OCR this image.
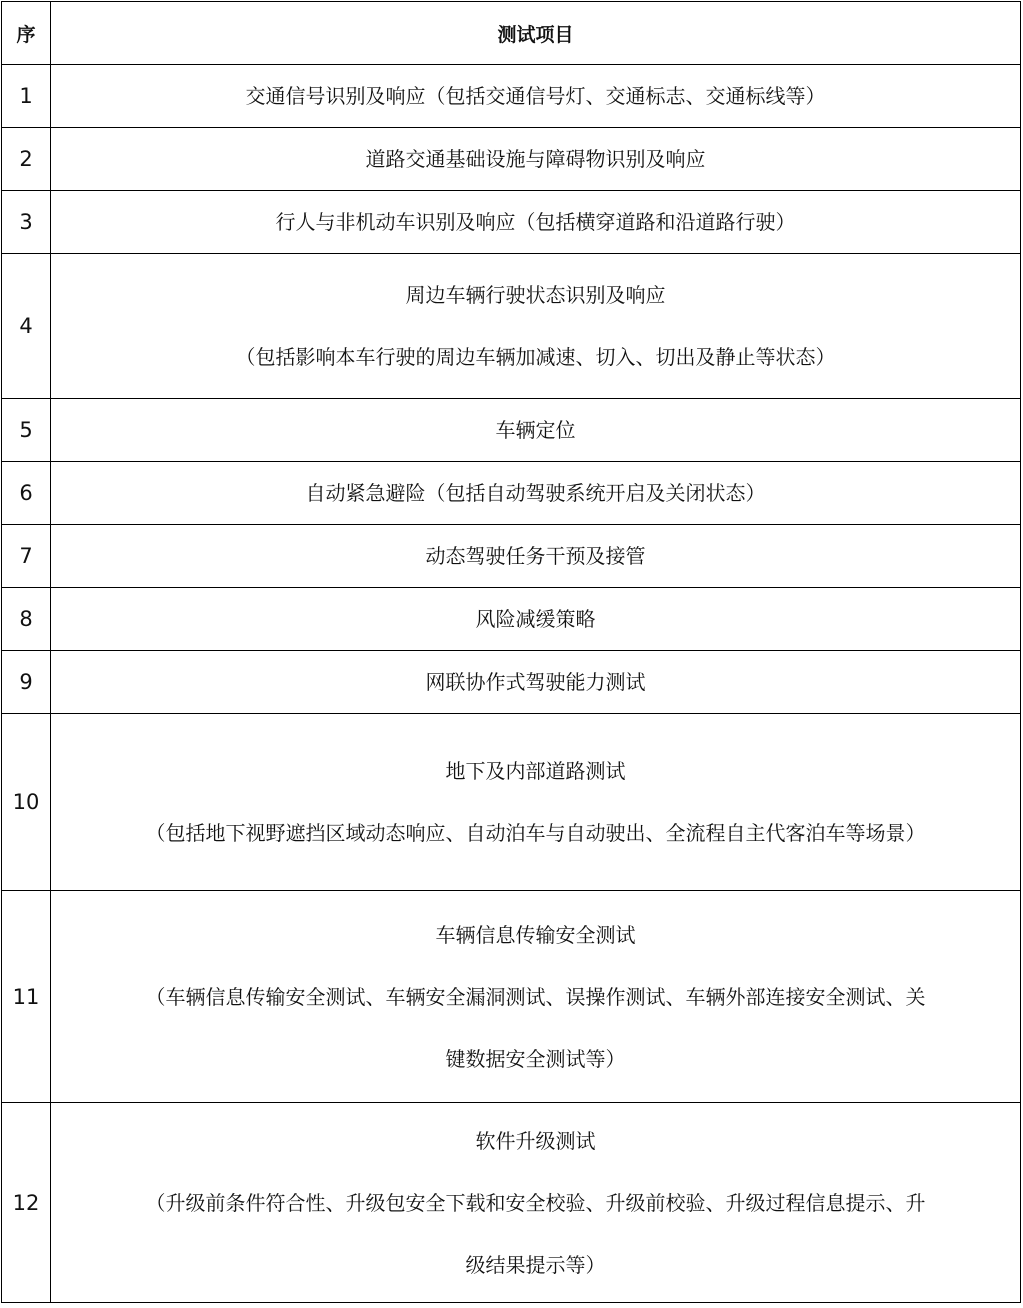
序	测试项目
1	交通信号识别及响应（包括交通信号灯、交通标志、交通标线等）

2	道路交通基础设施与障碍物识别及响应

3	行人与非机动车识别及响应（包括横穿道路和沿道路行驶）

4	周边车辆行驶状态识别及响应
（包括影响本车行驶的周边车辆加减速、切入、切出及静止等状态）

5	车辆定位

6	自动紧急避险（包括自动驾驶系统开启及关闭状态）

7	动态驾驶任务干预及接管

8	风险减缓策略

9	网联协作式驾驶能力测试

10	地下及内部道路测试
（包括地下视野遮挡区域动态响应、自动泊车与自动驶出、全流程自主代客泊车等场景）

11	车辆信息传输安全测试
（车辆信息传输安全测试、车辆安全漏洞测试、误操作测试、车辆外部连接安全测试、关
键数据安全测试等）

12	软件升级测试
（升级前条件符合性、升级包安全下载和安全校验、升级前校验、升级过程信息提示、升
级结果提示等）
